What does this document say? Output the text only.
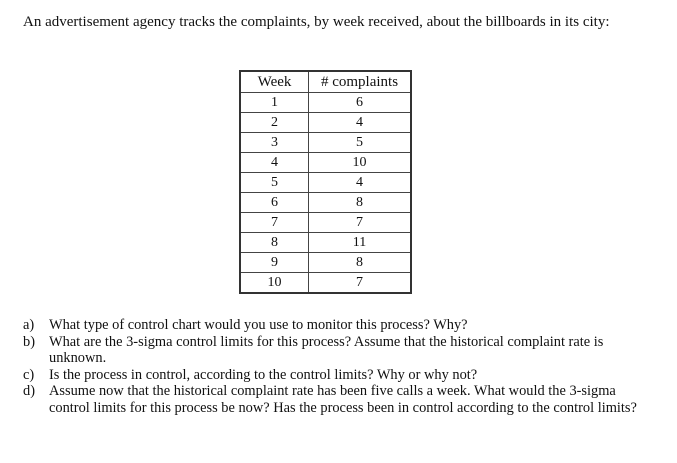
An advertisement agency tracks the complaints, by week received, about the billboards in its city:

Week	# complaints
1	6
2	4
3	5
4	10
5	4
6	8
7	7
8	11
9	8
10	7
a)	What type of control chart would you use to monitor this process? Why?
b) What are the 3-sigma control limits for this process? Assume that the historical complaint rate is unknown.
c)	Is the process in control, according to the control limits? Why or why not?
d) Assume now that the historical complaint rate has been five calls a week. What would the 3-sigma control limits for this process be now? Has the process been in control according to the control limits?
